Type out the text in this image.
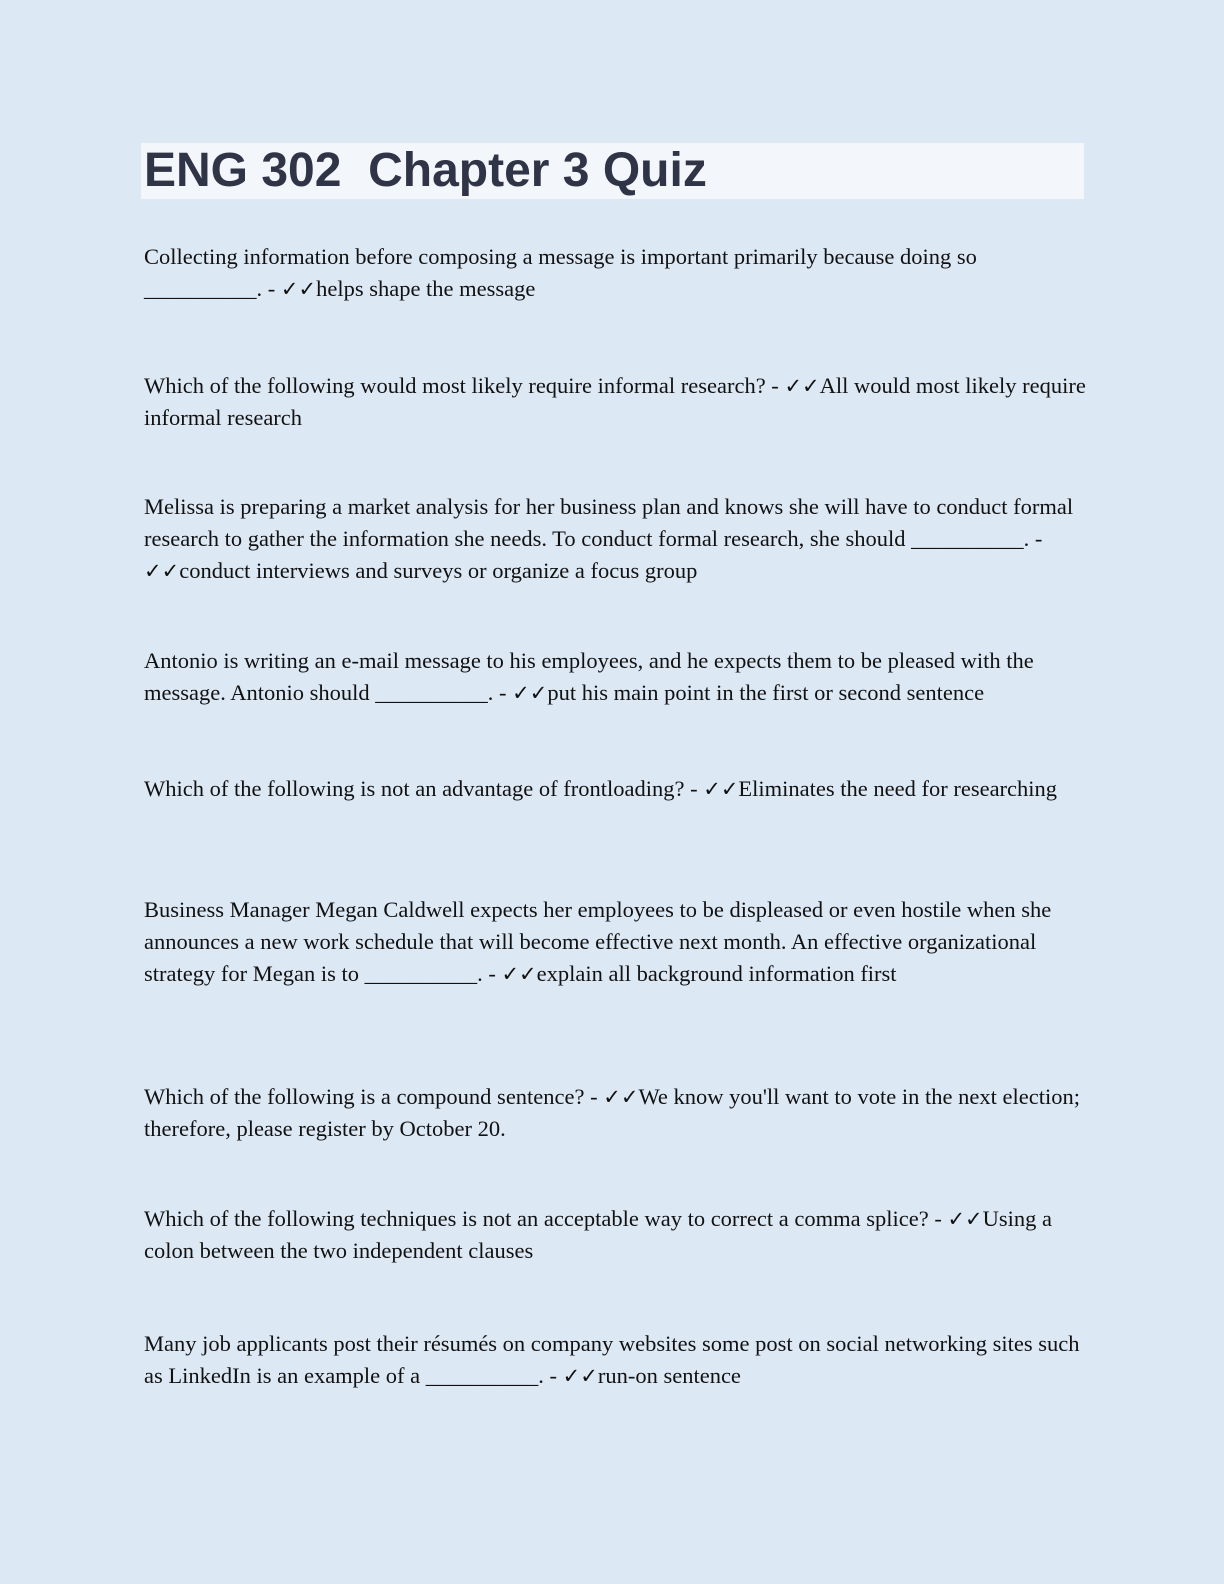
ENG 302  Chapter 3 Quiz

Collecting information before composing a message is important primarily because doing so __________. - ✓✓helps shape the message

Which of the following would most likely require informal research? - ✓✓All would most likely require informal research

Melissa is preparing a market analysis for her business plan and knows she will have to conduct formal research to gather the information she needs. To conduct formal research, she should __________. - ✓✓conduct interviews and surveys or organize a focus group

Antonio is writing an e-mail message to his employees, and he expects them to be pleased with the message. Antonio should __________. - ✓✓put his main point in the first or second sentence

Which of the following is not an advantage of frontloading? - ✓✓Eliminates the need for researching

Business Manager Megan Caldwell expects her employees to be displeased or even hostile when she announces a new work schedule that will become effective next month. An effective organizational strategy for Megan is to __________. - ✓✓explain all background information first

Which of the following is a compound sentence? - ✓✓We know you'll want to vote in the next election; therefore, please register by October 20.

Which of the following techniques is not an acceptable way to correct a comma splice? - ✓✓Using a colon between the two independent clauses

Many job applicants post their résumés on company websites some post on social networking sites such as LinkedIn is an example of a __________. - ✓✓run-on sentence
